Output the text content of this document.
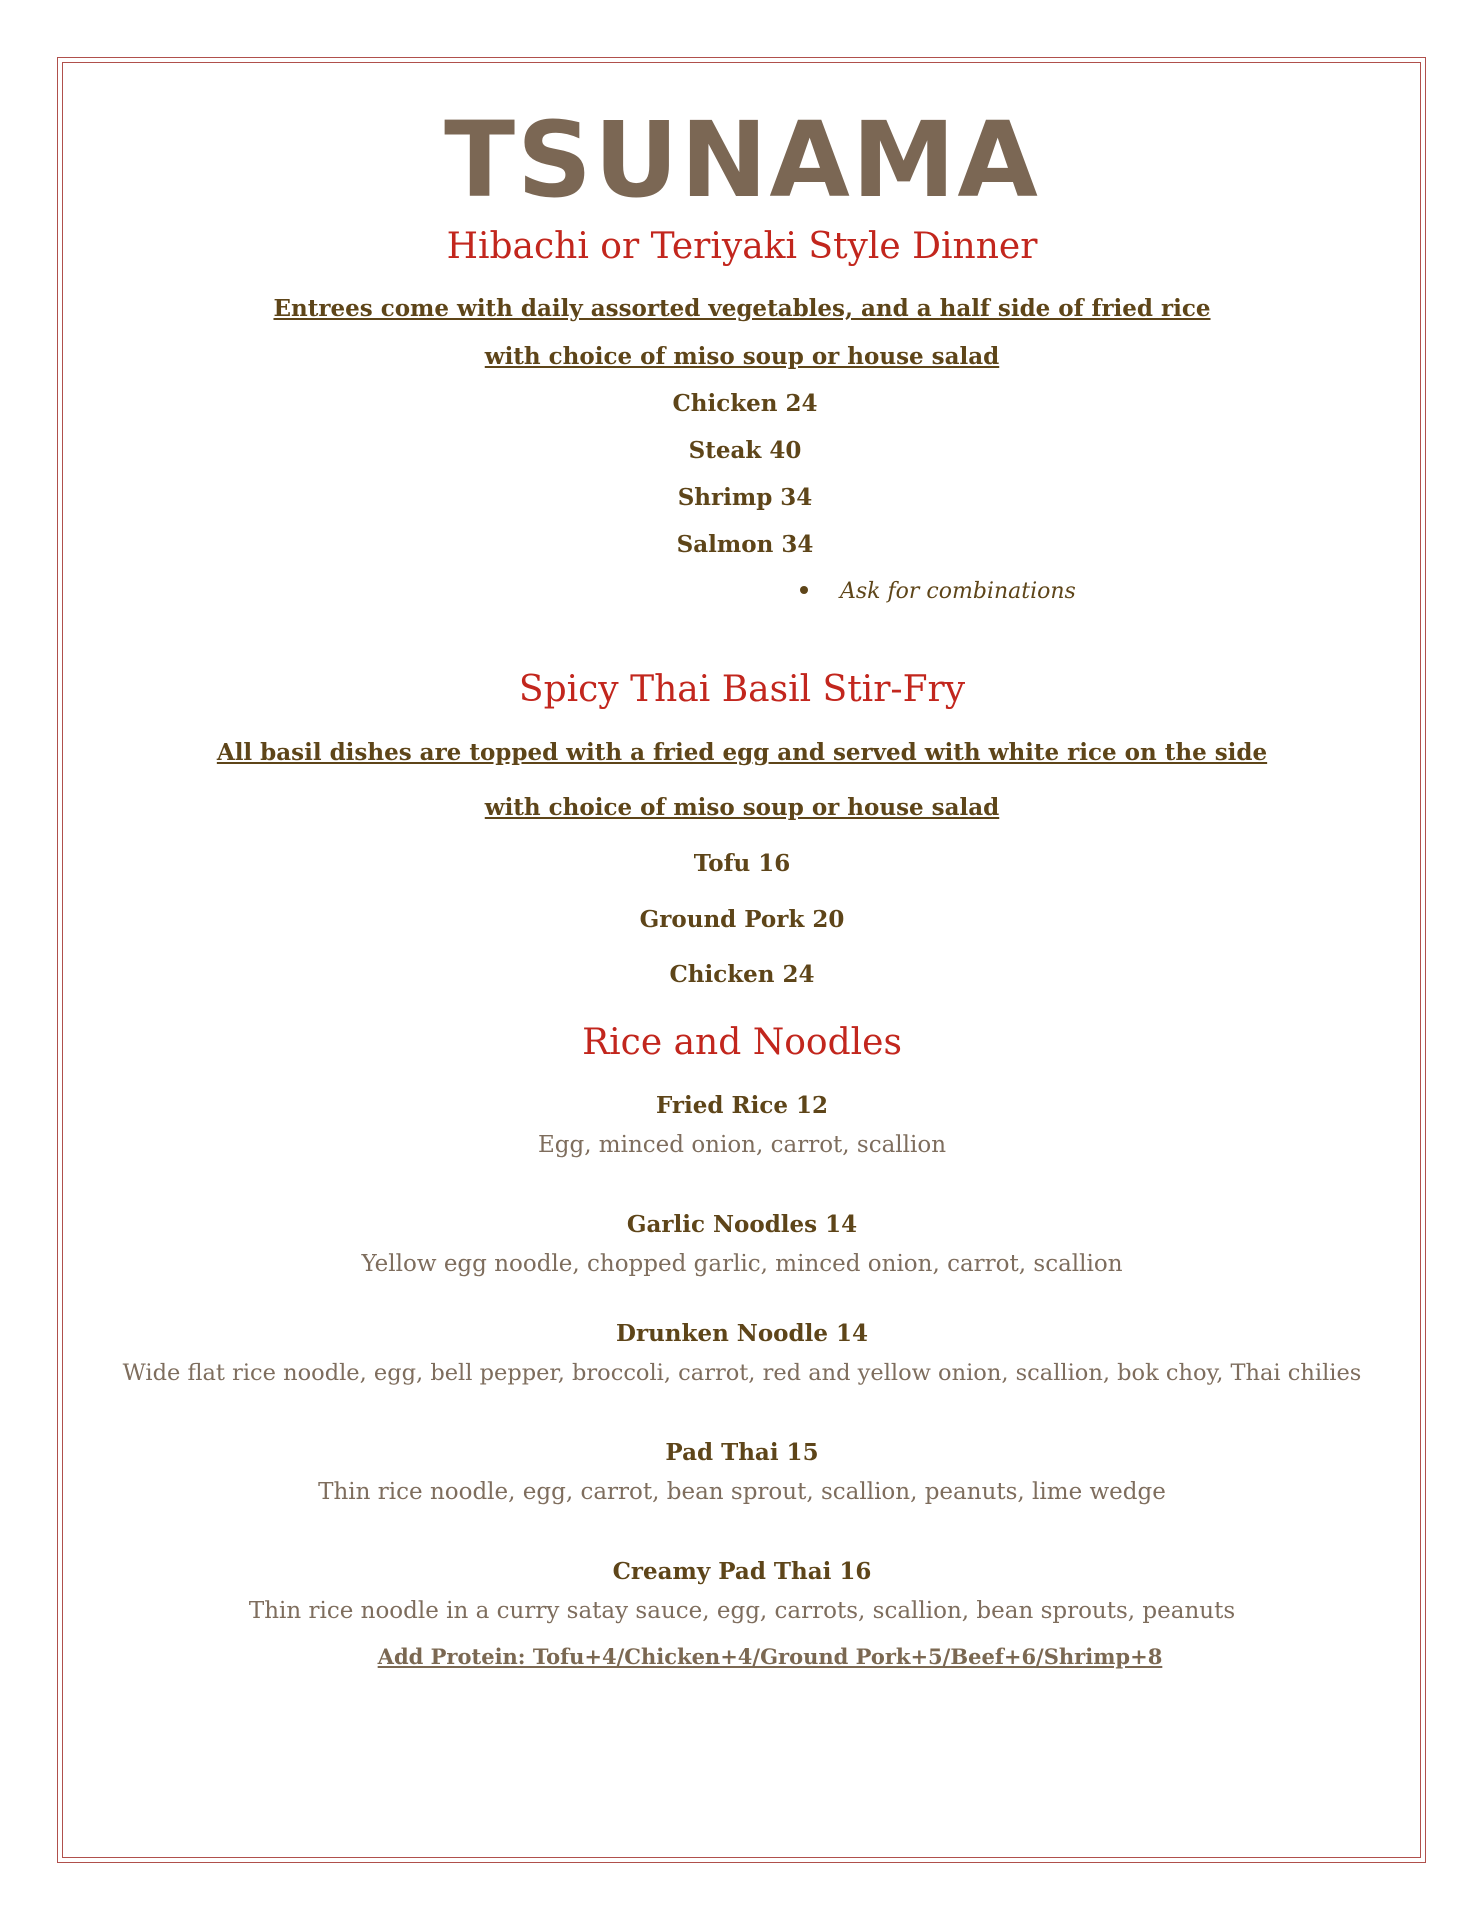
TSUNAMA
Hibachi or Teriyaki Style Dinner

Entrees come with daily assorted vegetables, and a half side of fried rice

with choice of miso soup or house salad

Chicken 24

Steak 40

Shrimp 34

Salmon 34

Ask for combinations
Spicy Thai Basil Stir-Fry

All basil dishes are topped with a fried egg and served with white rice on the side

with choice of miso soup or house salad

Tofu 16

Ground Pork 20

Chicken 24

Rice and Noodles

Fried Rice 12

Egg, minced onion, carrot, scallion

Garlic Noodles 14

Yellow egg noodle, chopped garlic, minced onion, carrot, scallion

Drunken Noodle 14

Wide flat rice noodle, egg, bell pepper, broccoli, carrot, red and yellow onion, scallion, bok choy, Thai chilies

Pad Thai 15

Thin rice noodle, egg, carrot, bean sprout, scallion, peanuts, lime wedge

Creamy Pad Thai 16

Thin rice noodle in a curry satay sauce, egg, carrots, scallion, bean sprouts, peanuts

Add Protein: Tofu+4/Chicken+4/Ground Pork+5/Beef+6/Shrimp+8
